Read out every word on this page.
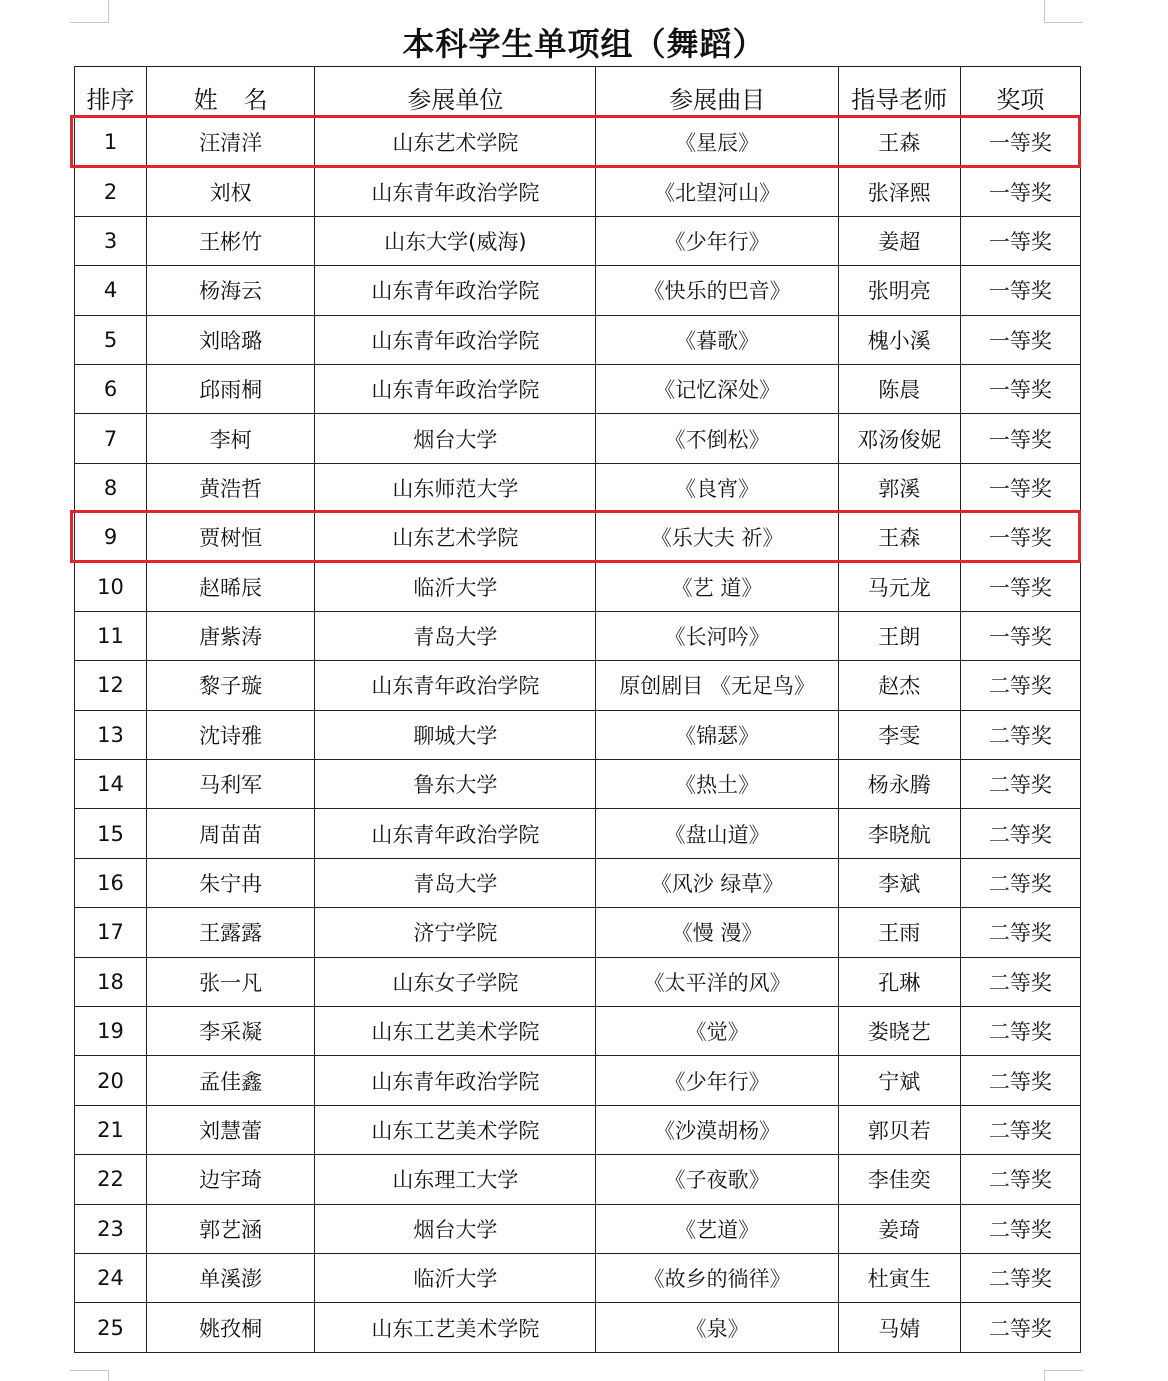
本科学生单项组（舞蹈）
排序	姓 名	参展单位	参展曲目	指导老师	奖项
1	汪清洋	山东艺术学院	《星辰》	王森	一等奖
2	刘权	山东青年政治学院	《北望河山》	张泽熙	一等奖
3	王彬竹	山东大学(威海)	《少年行》	姜超	一等奖
4	杨海云	山东青年政治学院	《快乐的巴音》	张明亮	一等奖
5	刘晗璐	山东青年政治学院	《暮歌》	槐小溪	一等奖
6	邱雨桐	山东青年政治学院	《记忆深处》	陈晨	一等奖
7	李柯	烟台大学	《不倒松》	邓汤俊妮	一等奖
8	黄浩哲	山东师范大学	《良宵》	郭溪	一等奖
9	贾树恒	山东艺术学院	《乐大夫 祈》	王森	一等奖
10	赵晞辰	临沂大学	《艺 道》	马元龙	一等奖
11	唐紫涛	青岛大学	《长河吟》	王朗	一等奖
12	黎子璇	山东青年政治学院	原创剧目 《无足鸟》	赵杰	二等奖
13	沈诗雅	聊城大学	《锦瑟》	李雯	二等奖
14	马利军	鲁东大学	《热土》	杨永腾	二等奖
15	周苗苗	山东青年政治学院	《盘山道》	李晓航	二等奖
16	朱宁冉	青岛大学	《风沙 绿草》	李斌	二等奖
17	王露露	济宁学院	《慢 漫》	王雨	二等奖
18	张一凡	山东女子学院	《太平洋的风》	孔琳	二等奖
19	李采凝	山东工艺美术学院	《觉》	娄晓艺	二等奖
20	孟佳鑫	山东青年政治学院	《少年行》	宁斌	二等奖
21	刘慧蕾	山东工艺美术学院	《沙漠胡杨》	郭贝若	二等奖
22	边宇琦	山东理工大学	《子夜歌》	李佳奕	二等奖
23	郭艺涵	烟台大学	《艺道》	姜琦	二等奖
24	单溪澎	临沂大学	《故乡的徜徉》	杜寅生	二等奖
25	姚孜桐	山东工艺美术学院	《泉》	马婧	二等奖
